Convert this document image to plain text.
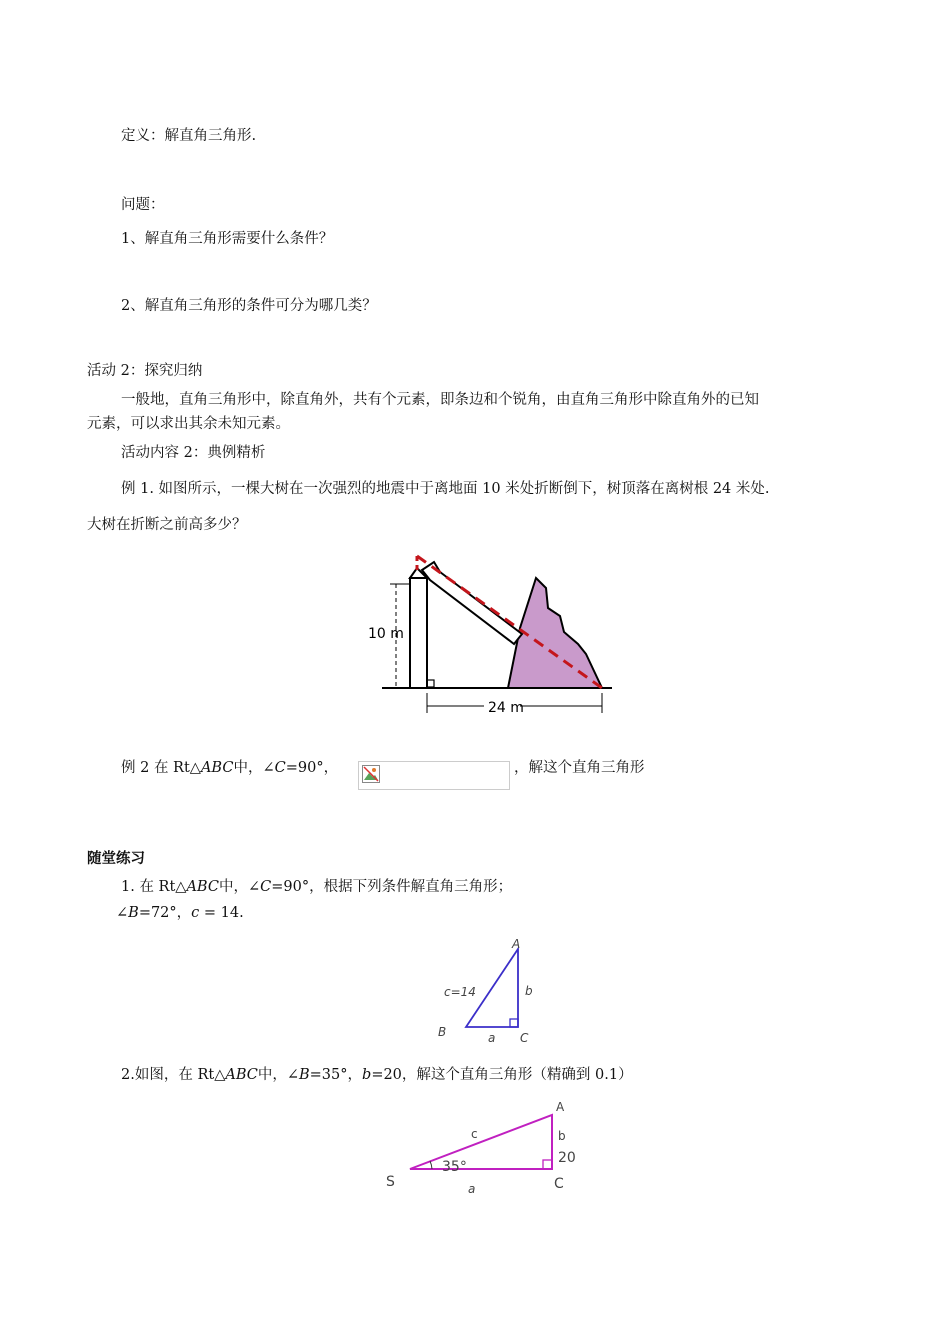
定义：解直角三角形.
问题：
1、解直角三角形需要什么条件？
2、解直角三角形的条件可分为哪几类？
活动 2：探究归纳
一般地，直角三角形中，除直角外，共有个元素，即条边和个锐角，由直角三角形中除直角外的已知
元素，可以求出其余未知元素。
活动内容 2：典例精析
例 1. 如图所示，一棵大树在一次强烈的地震中于离地面 10 米处折断倒下，树顶落在离树根 24 米处.
大树在折断之前高多少？
10 m
24 m
例 2 在 Rt△ABC中，∠C=90°，	，解这个直角三角形
随堂练习
1. 在 Rt△ABC中，∠C=90°，根据下列条件解直角三角形；
∠B=72°，c = 14.
A
B	C
a
b
c=14
2.如图，在 Rt△ABC中，∠B=35°，b=20，解这个直角三角形（精确到 0.1）
A
S	C
a
b
c
35°
20
